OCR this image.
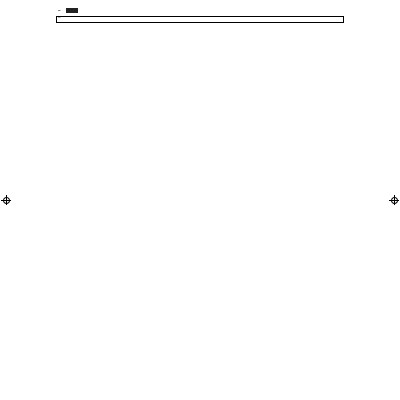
–
